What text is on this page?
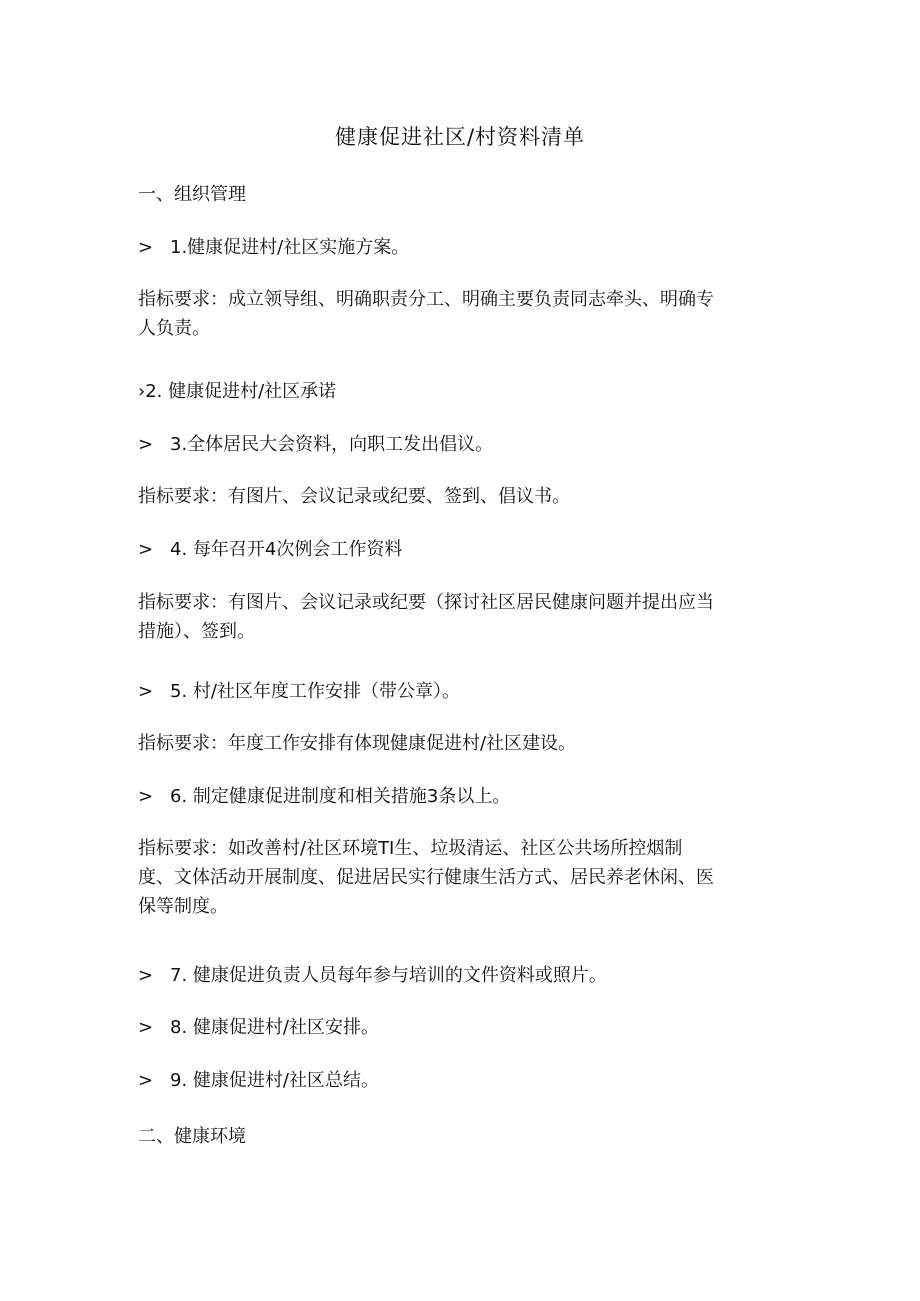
健康促进社区/村资料清单
一、组织管理
> 1.健康促进村/社区实施方案。
指标要求：成立领导组、明确职责分工、明确主要负责同志牵头、明确专
人负责。
›2. 健康促进村/社区承诺
> 3.全体居民大会资料，向职工发出倡议。
指标要求：有图片、会议记录或纪要、签到、倡议书。
> 4. 每年召开4次例会工作资料
指标要求：有图片、会议记录或纪要（探讨社区居民健康问题并提出应当
措施）、签到。
> 5. 村/社区年度工作安排（带公章）。
指标要求：年度工作安排有体现健康促进村/社区建设。
> 6. 制定健康促进制度和相关措施3条以上。
指标要求：如改善村/社区环境TI生、垃圾清运、社区公共场所控烟制
度、文体活动开展制度、促进居民实行健康生活方式、居民养老休闲、医
保等制度。
> 7. 健康促进负责人员每年参与培训的文件资料或照片。
> 8. 健康促进村/社区安排。
> 9. 健康促进村/社区总结。
二、健康环境
